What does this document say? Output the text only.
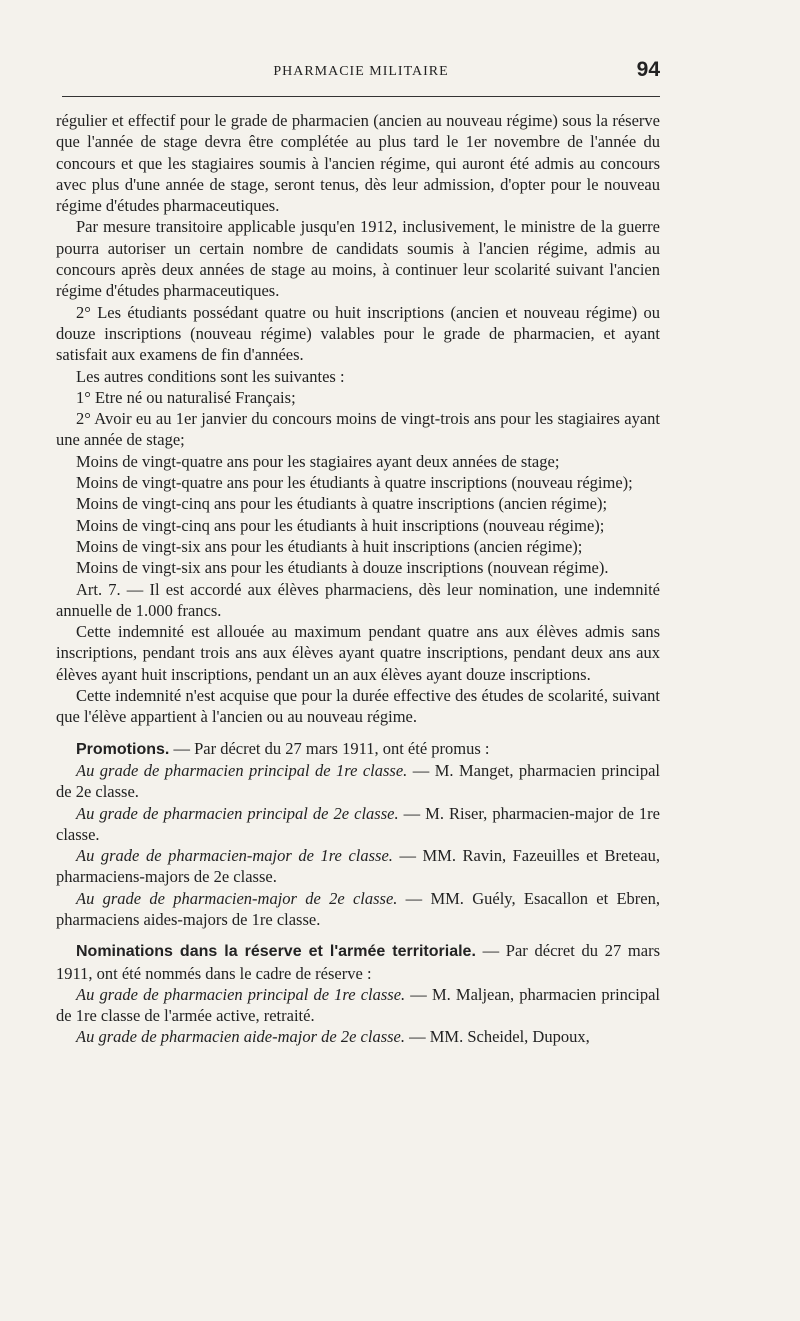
PHARMACIE MILITAIRE	94

régulier et effectif pour le grade de pharmacien (ancien au nouveau régime) sous la réserve que l'année de stage devra être complétée au plus tard le 1er novembre de l'année du concours et que les stagiaires soumis à l'ancien régime, qui auront été admis au concours avec plus d'une année de stage, seront tenus, dès leur admission, d'opter pour le nouveau régime d'études pharmaceutiques.

Par mesure transitoire applicable jusqu'en 1912, inclusivement, le ministre de la guerre pourra autoriser un certain nombre de candidats soumis à l'ancien régime, admis au concours après deux années de stage au moins, à continuer leur scolarité suivant l'ancien régime d'études pharmaceutiques.

2° Les étudiants possédant quatre ou huit inscriptions (ancien et nouveau régime) ou douze inscriptions (nouveau régime) valables pour le grade de pharmacien, et ayant satisfait aux examens de fin d'années.

Les autres conditions sont les suivantes :

1° Etre né ou naturalisé Français;

2° Avoir eu au 1er janvier du concours moins de vingt-trois ans pour les stagiaires ayant une année de stage;

Moins de vingt-quatre ans pour les stagiaires ayant deux années de stage;

Moins de vingt-quatre ans pour les étudiants à quatre inscriptions (nouveau régime);

Moins de vingt-cinq ans pour les étudiants à quatre inscriptions (ancien régime);

Moins de vingt-cinq ans pour les étudiants à huit inscriptions (nouveau régime);

Moins de vingt-six ans pour les étudiants à huit inscriptions (ancien régime);

Moins de vingt-six ans pour les étudiants à douze inscriptions (nouvean régime).

Art. 7. — Il est accordé aux élèves pharmaciens, dès leur nomination, une indemnité annuelle de 1.000 francs.

Cette indemnité est allouée au maximum pendant quatre ans aux élèves admis sans inscriptions, pendant trois ans aux élèves ayant quatre inscriptions, pendant deux ans aux élèves ayant huit inscriptions, pendant un an aux élèves ayant douze inscriptions.

Cette indemnité n'est acquise que pour la durée effective des études de scolarité, suivant que l'élève appartient à l'ancien ou au nouveau régime.

Promotions. — Par décret du 27 mars 1911, ont été promus :

Au grade de pharmacien principal de 1re classe. — M. Manget, pharmacien principal de 2e classe.

Au grade de pharmacien principal de 2e classe. — M. Riser, pharmacien-major de 1re classe.

Au grade de pharmacien-major de 1re classe. — MM. Ravin, Fazeuilles et Breteau, pharmaciens-majors de 2e classe.

Au grade de pharmacien-major de 2e classe. — MM. Guély, Esacallon et Ebren, pharmaciens aides-majors de 1re classe.

Nominations dans la réserve et l'armée territoriale. — Par décret du 27 mars 1911, ont été nommés dans le cadre de réserve :

Au grade de pharmacien principal de 1re classe. — M. Maljean, pharmacien principal de 1re classe de l'armée active, retraité.

Au grade de pharmacien aide-major de 2e classe. — MM. Scheidel, Dupoux,
